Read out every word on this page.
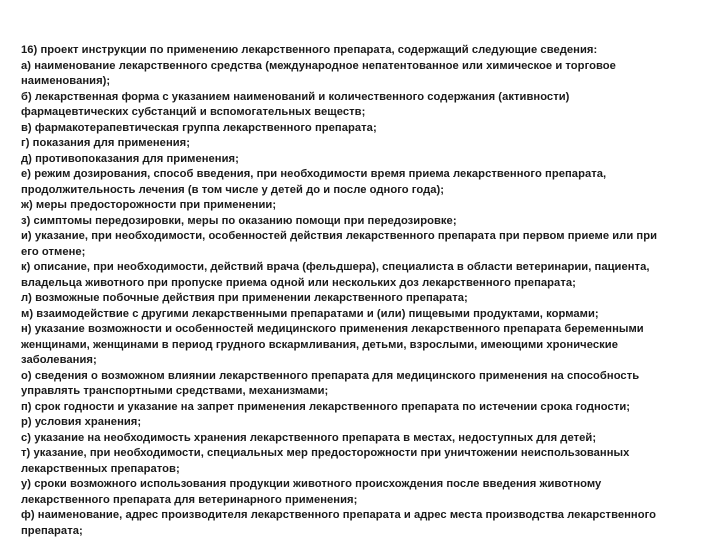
16) проект инструкции по применению лекарственного препарата, содержащий следующие сведения:
а) наименование лекарственного средства (международное непатентованное или химическое и торговое
наименования);
б) лекарственная форма с указанием наименований и количественного содержания (активности)
фармацевтических субстанций и вспомогательных веществ;
в) фармакотерапевтическая группа лекарственного препарата;
г) показания для применения;
д) противопоказания для применения;
е) режим дозирования, способ введения, при необходимости время приема лекарственного препарата,
продолжительность лечения (в том числе у детей до и после одного года);
ж) меры предосторожности при применении;
з) симптомы передозировки, меры по оказанию помощи при передозировке;
и) указание, при необходимости, особенностей действия лекарственного препарата при первом приеме или при
его отмене;
к) описание, при необходимости, действий врача (фельдшера), специалиста в области ветеринарии, пациента,
владельца животного при пропуске приема одной или нескольких доз лекарственного препарата;
л) возможные побочные действия при применении лекарственного препарата;
м) взаимодействие с другими лекарственными препаратами и (или) пищевыми продуктами, кормами;
н) указание возможности и особенностей медицинского применения лекарственного препарата беременными
женщинами, женщинами в период грудного вскармливания, детьми, взрослыми, имеющими хронические
заболевания;
о) сведения о возможном влиянии лекарственного препарата для медицинского применения на способность
управлять транспортными средствами, механизмами;
п) срок годности и указание на запрет применения лекарственного препарата по истечении срока годности;
р) условия хранения;
с) указание на необходимость хранения лекарственного препарата в местах, недоступных для детей;
т) указание, при необходимости, специальных мер предосторожности при уничтожении неиспользованных
лекарственных препаратов;
у) сроки возможного использования продукции животного происхождения после введения животному
лекарственного препарата для ветеринарного применения;
ф) наименование, адрес производителя лекарственного препарата и адрес места производства лекарственного
препарата;
